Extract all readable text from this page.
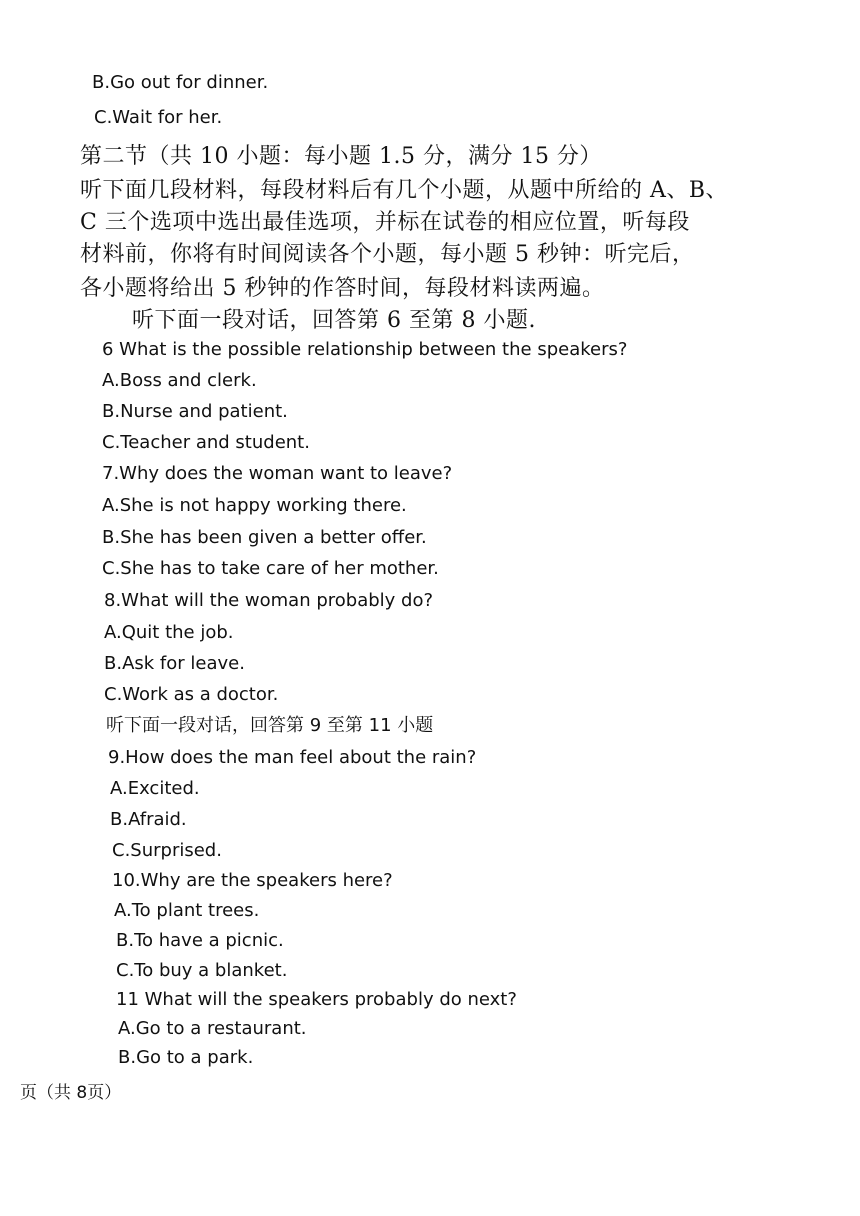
B.Go out for dinner.
C.Wait for her.
第二节（共 10 小题：每小题 1.5 分，满分 15 分）
听下面几段材料，每段材料后有几个小题，从题中所给的 A、B、
C 三个选项中选出最佳选项，并标在试卷的相应位置，听每段
材料前，你将有时间阅读各个小题，每小题 5 秒钟：听完后，
各小题将给出 5 秒钟的作答时间，每段材料读两遍。
听下面一段对话，回答第 6 至第 8 小题.
6 What is the possible relationship between the speakers?
A.Boss and clerk.
B.Nurse and patient.
C.Teacher and student.
7.Why does the woman want to leave?
A.She is not happy working there.
B.She has been given a better offer.
C.She has to take care of her mother.
8.What will the woman probably do?
A.Quit the job.
B.Ask for leave.
C.Work as a doctor.
听下面一段对话，回答第 9 至第 11 小题
9.How does the man feel about the rain?
A.Excited.
B.Afraid.
C.Surprised.
10.Why are the speakers here?
A.To plant trees.
B.To have a picnic.
C.To buy a blanket.
11 What will the speakers probably do next?
A.Go to a restaurant.
B.Go to a park.
页（共 8页）
